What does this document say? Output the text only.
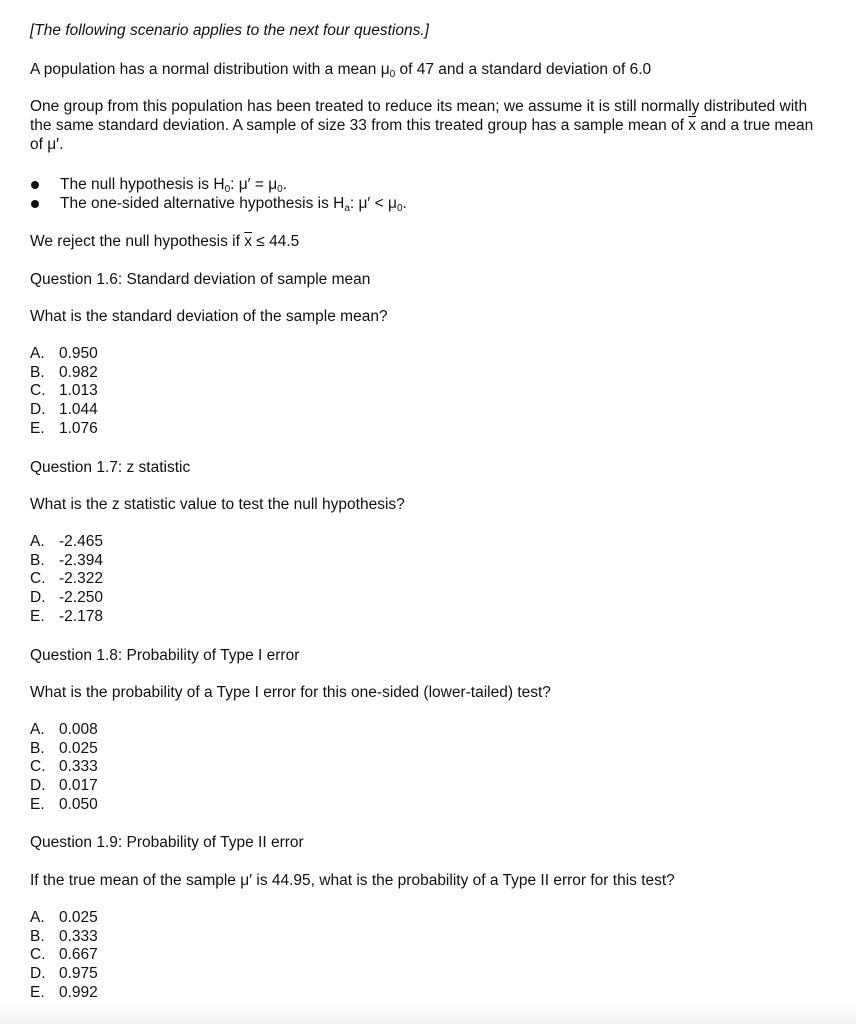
[The following scenario applies to the next four questions.]

A population has a normal distribution with a mean $\mu_0$ of 47 and a standard deviation of 6.0

One group from this population has been treated to reduce its mean; we assume it is still normally distributed with the same standard deviation. A sample of size 33 from this treated group has a sample mean of $\overline{x}$ and a true mean of μ′.

The null hypothesis is $H_0$: $\mu' = \mu_0$.
The one-sided alternative hypothesis is $H_a$: $\mu' < \mu_0$.

We reject the null hypothesis if $\overline{x} \le 44.5$

Question 1.6: Standard deviation of sample mean

What is the standard deviation of the sample mean?

A. 0.950
B. 0.982
C. 1.013
D. 1.044
E. 1.076

Question 1.7: z statistic

What is the z statistic value to test the null hypothesis?

A. -2.465
B. -2.394
C. -2.322
D. -2.250
E. -2.178

Question 1.8: Probability of Type I error

What is the probability of a Type I error for this one-sided (lower-tailed) test?

A. 0.008
B. 0.025
C. 0.333
D. 0.017
E. 0.050

Question 1.9: Probability of Type II error

If the true mean of the sample μ′ is 44.95, what is the probability of a Type II error for this test?

A. 0.025
B. 0.333
C. 0.667
D. 0.975
E. 0.992
